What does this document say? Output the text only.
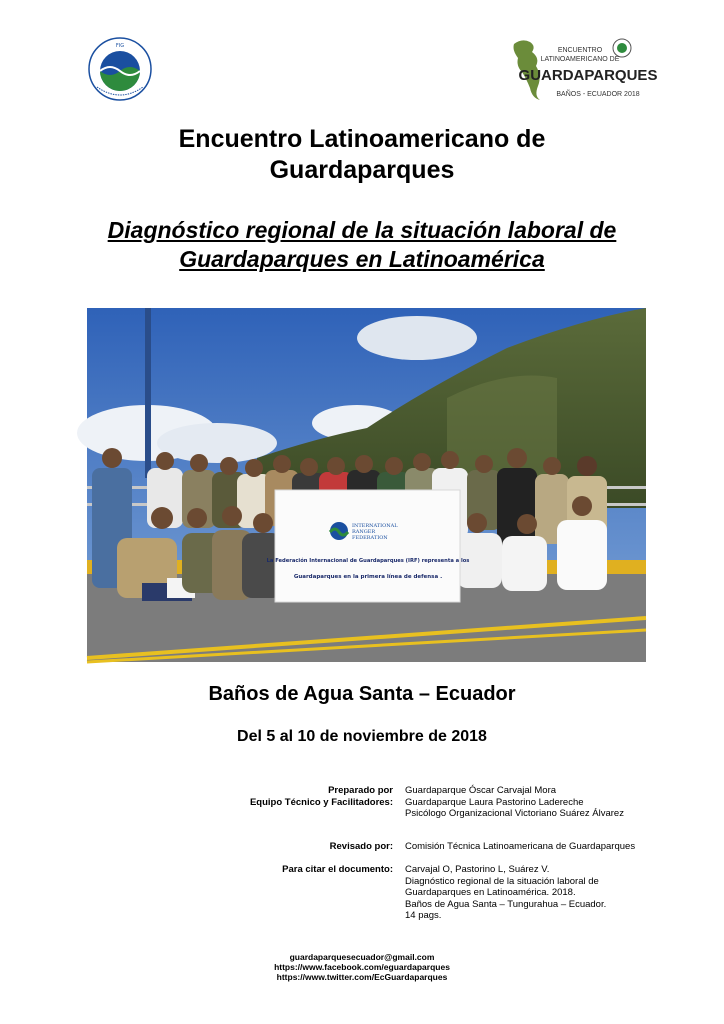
FIG
ENCUENTRO
LATINOAMERICANO DE
GUARDAPARQUES
BAÑOS - ECUADOR 2018
Encuentro Latinoamericano de
Guardaparques
Diagnóstico regional de la situación laboral de
Guardaparques en Latinoamérica
INTERNATIONAL
RANGER
FEDERATION
La Federación Internacional de Guardaparques (IRF) representa a los
Guardaparques en la primera línea de defensa .
Baños de Agua Santa – Ecuador
Del 5 al 10 de noviembre de 2018
Preparado por
Equipo Técnico y Facilitadores:
Guardaparque Óscar Carvajal Mora
Guardaparque Laura Pastorino Ladereche
Psicólogo Organizacional Victoriano Suárez Álvarez
Revisado por: Comisión Técnica Latinoamericana de Guardaparques
Para citar el documento: Carvajal O, Pastorino L, Suárez V.
Diagnóstico regional de la situación laboral de
Guardaparques en Latinoamérica. 2018.
Baños de Agua Santa – Tungurahua – Ecuador.
14 pags.
guardaparquesecuador@gmail.com
https://www.facebook.com/eguardaparques
https://www.twitter.com/EcGuardaparques
